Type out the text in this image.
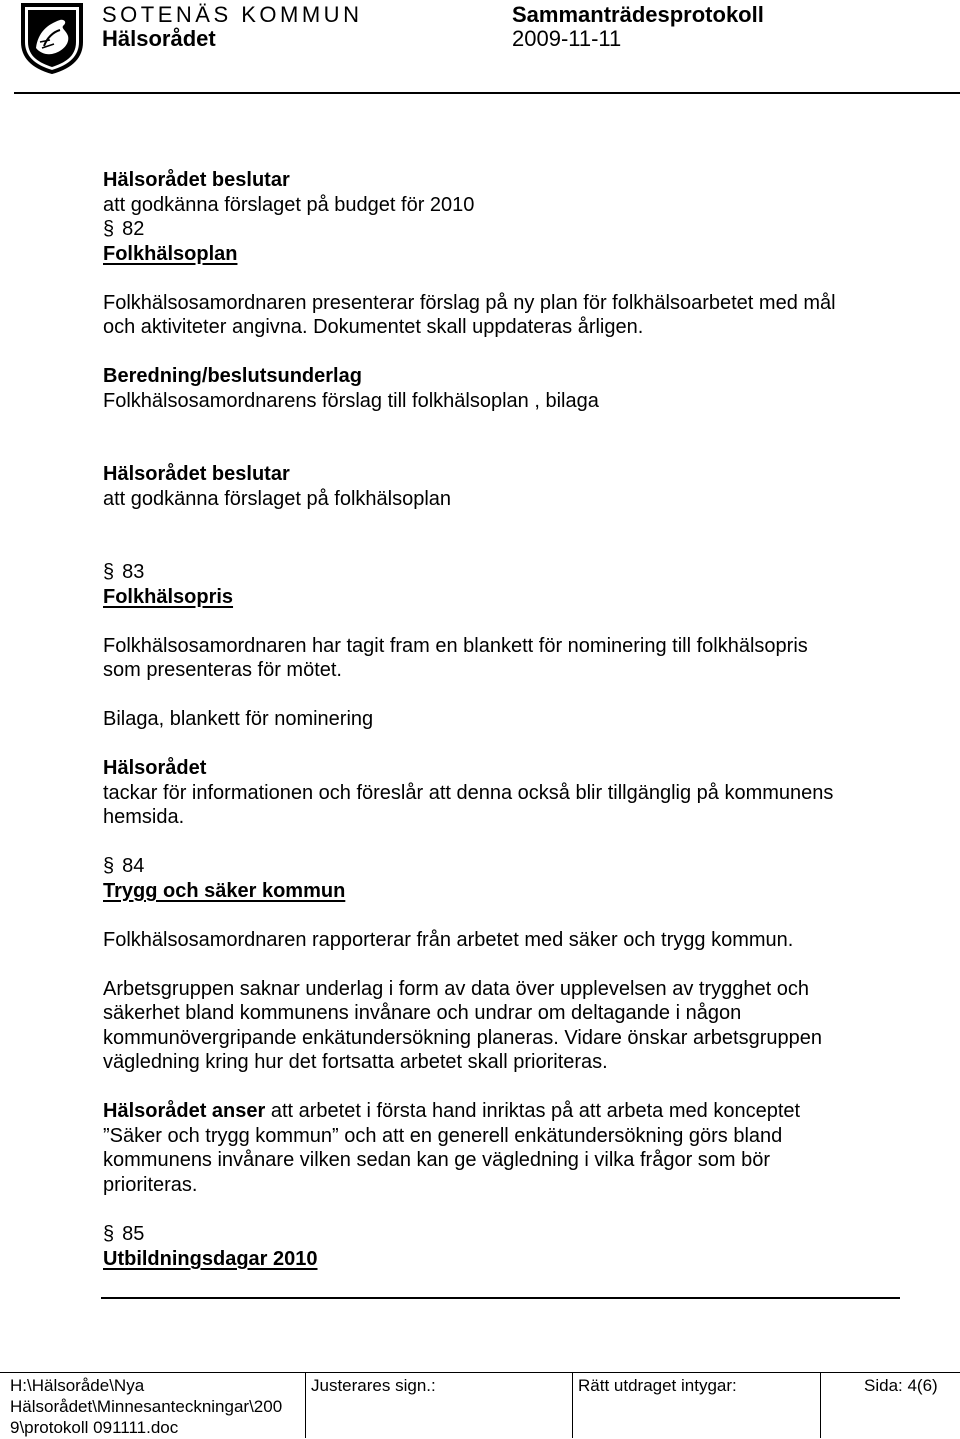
SOTENÄS KOMMUN
Hälsorådet
Sammanträdesprotokoll
2009-11-11
Hälsorådet beslutar
att godkänna förslaget på budget för 2010
§ 82
Folkhälsoplan
Folkhälsosamordnaren presenterar förslag på ny plan för folkhälsoarbetet med mål
och aktiviteter angivna. Dokumentet skall uppdateras årligen.
Beredning/beslutsunderlag
Folkhälsosamordnarens förslag till folkhälsoplan , bilaga
Hälsorådet beslutar
att godkänna förslaget på folkhälsoplan
§ 83
Folkhälsopris
Folkhälsosamordnaren har tagit fram en blankett för nominering till folkhälsopris
som presenteras för mötet.
Bilaga, blankett för nominering
Hälsorådet
tackar för informationen och föreslår att denna också blir tillgänglig på kommunens
hemsida.
§ 84
Trygg och säker kommun
Folkhälsosamordnaren rapporterar från arbetet med säker och trygg kommun.
Arbetsgruppen saknar underlag i form av data över upplevelsen av trygghet och
säkerhet bland kommunens invånare och undrar om deltagande i någon
kommunövergripande enkätundersökning planeras. Vidare önskar arbetsgruppen
vägledning kring hur det fortsatta arbetet skall prioriteras.
Hälsorådet anser att arbetet i första hand inriktas på att arbeta med konceptet
”Säker och trygg kommun” och att en generell enkätundersökning görs bland
kommunens invånare vilken sedan kan ge vägledning i vilka frågor som bör
prioriteras.
§ 85
Utbildningsdagar 2010
H:\Hälsoråde\Nya
Hälsorådet\Minnesanteckningar\200
9\protokoll 091111.doc
Justerares sign.:	Rätt utdraget intygar:	Sida: 4(6)
